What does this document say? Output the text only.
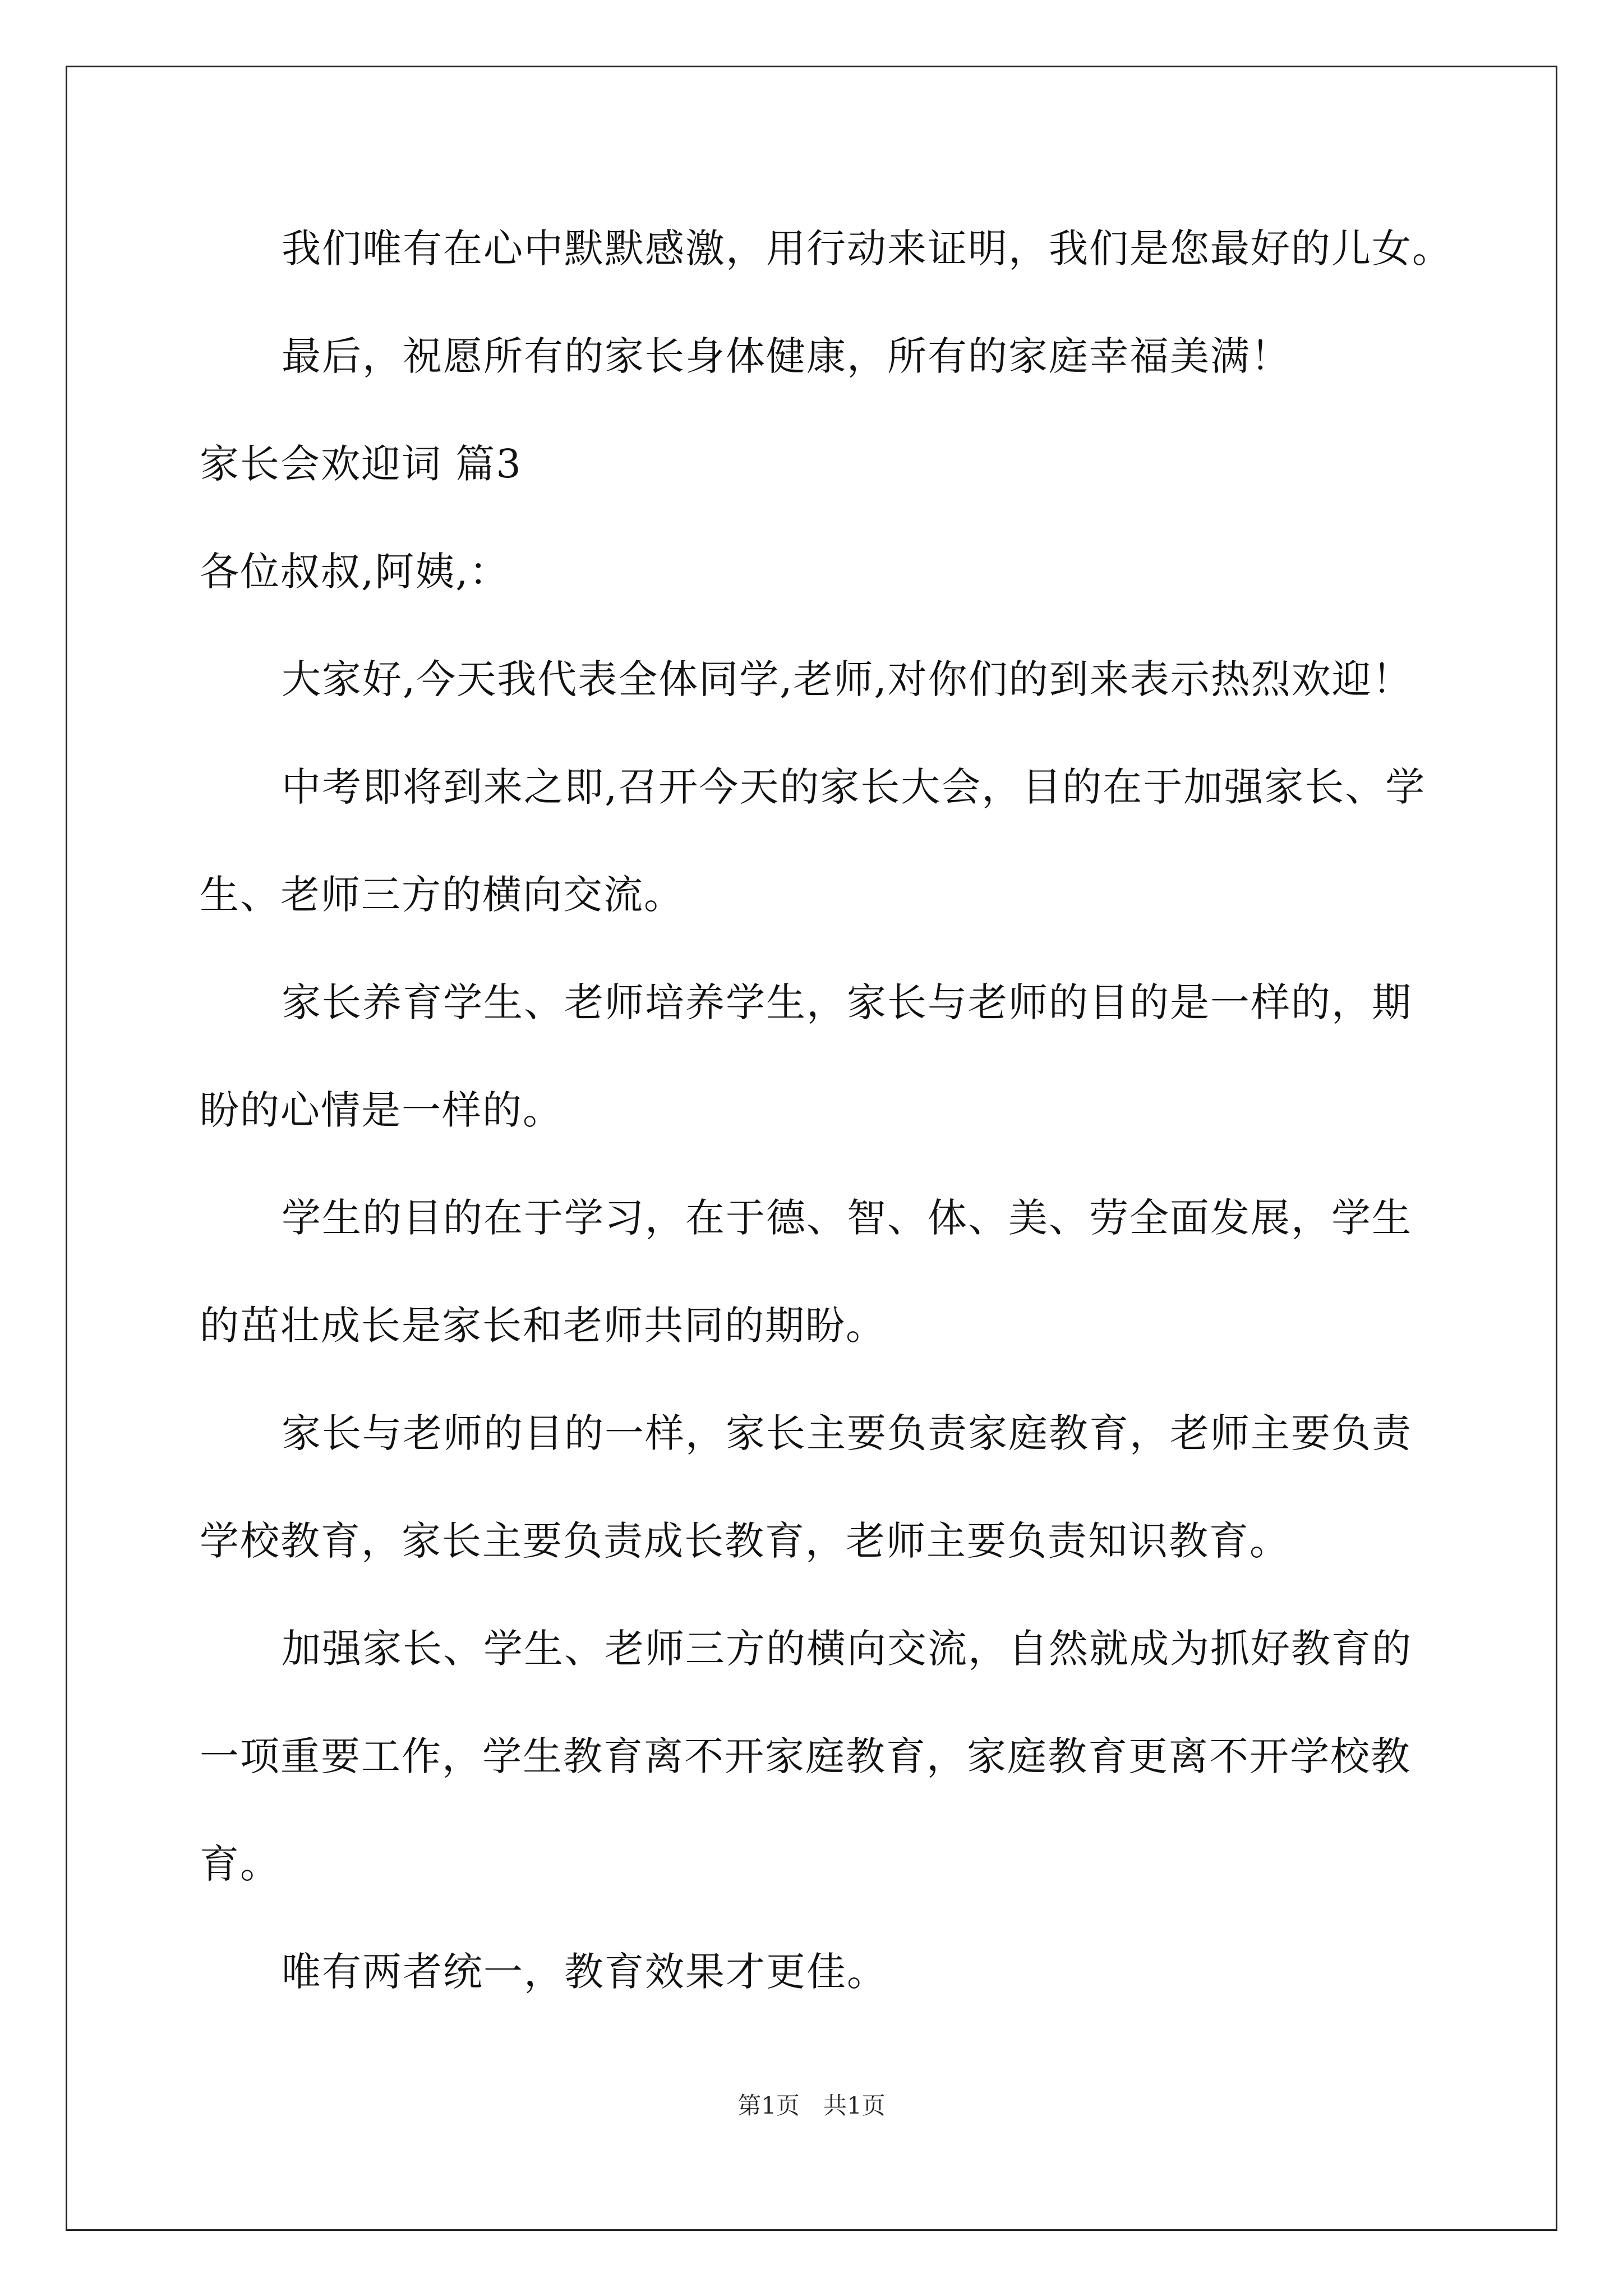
我们唯有在心中默默感激，用行动来证明，我们是您最好的儿女。
最后，祝愿所有的家长身体健康，所有的家庭幸福美满！
家长会欢迎词 篇3
各位叔叔,阿姨,：
大家好,今天我代表全体同学,老师,对你们的到来表示热烈欢迎！
中考即将到来之即,召开今天的家长大会，目的在于加强家长、学
生、老师三方的横向交流。
家长养育学生、老师培养学生，家长与老师的目的是一样的，期
盼的心情是一样的。
学生的目的在于学习，在于德、智、体、美、劳全面发展，学生
的茁壮成长是家长和老师共同的期盼。
家长与老师的目的一样，家长主要负责家庭教育，老师主要负责
学校教育，家长主要负责成长教育，老师主要负责知识教育。
加强家长、学生、老师三方的横向交流，自然就成为抓好教育的
一项重要工作，学生教育离不开家庭教育，家庭教育更离不开学校教
育。
唯有两者统一，教育效果才更佳。
第1页　共1页
